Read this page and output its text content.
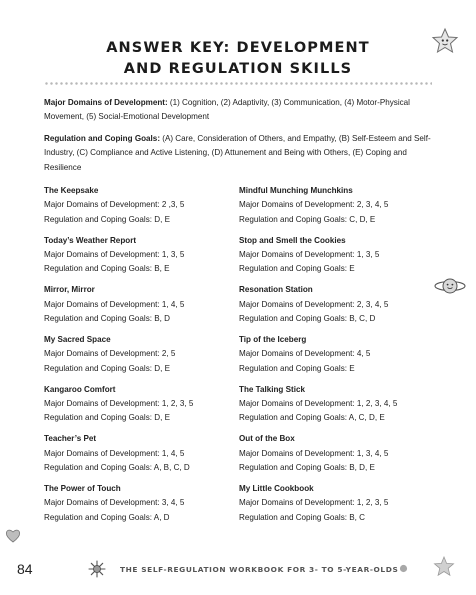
ANSWER KEY: DEVELOPMENT
AND REGULATION SKILLS
Major Domains of Development: (1) Cognition, (2) Adaptivity, (3) Communication, (4) Motor-Physical Movement, (5) Social-Emotional Development
Regulation and Coping Goals: (A) Care, Consideration of Others, and Empathy, (B) Self-Esteem and Self-Industry, (C) Compliance and Active Listening, (D) Attunement and Being with Others, (E) Coping and Resilience
The Keepsake
Major Domains of Development: 2 ,3, 5
Regulation and Coping Goals: D, E
Today’s Weather Report
Major Domains of Development: 1, 3, 5
Regulation and Coping Goals: B, E
Mirror, Mirror
Major Domains of Development: 1, 4, 5
Regulation and Coping Goals: B, D
My Sacred Space
Major Domains of Development: 2, 5
Regulation and Coping Goals: D, E
Kangaroo Comfort
Major Domains of Development: 1, 2, 3, 5
Regulation and Coping Goals: D, E
Teacher’s Pet
Major Domains of Development: 1, 4, 5
Regulation and Coping Goals: A, B, C, D
The Power of Touch
Major Domains of Development: 3, 4, 5
Regulation and Coping Goals: A, D
Mindful Munching Munchkins
Major Domains of Development: 2, 3, 4, 5
Regulation and Coping Goals: C, D, E
Stop and Smell the Cookies
Major Domains of Development: 1, 3, 5
Regulation and Coping Goals: E
Resonation Station
Major Domains of Development: 2, 3, 4, 5
Regulation and Coping Goals: B, C, D
Tip of the Iceberg
Major Domains of Development: 4, 5
Regulation and Coping Goals: E
The Talking Stick
Major Domains of Development: 1, 2, 3, 4, 5
Regulation and Coping Goals: A, C, D, E
Out of the Box
Major Domains of Development: 1, 3, 4, 5
Regulation and Coping Goals: B, D, E
My Little Cookbook
Major Domains of Development: 1, 2, 3, 5
Regulation and Coping Goals: B, C
84	THE SELF-REGULATION WORKBOOK FOR 3- TO 5-YEAR-OLDS
